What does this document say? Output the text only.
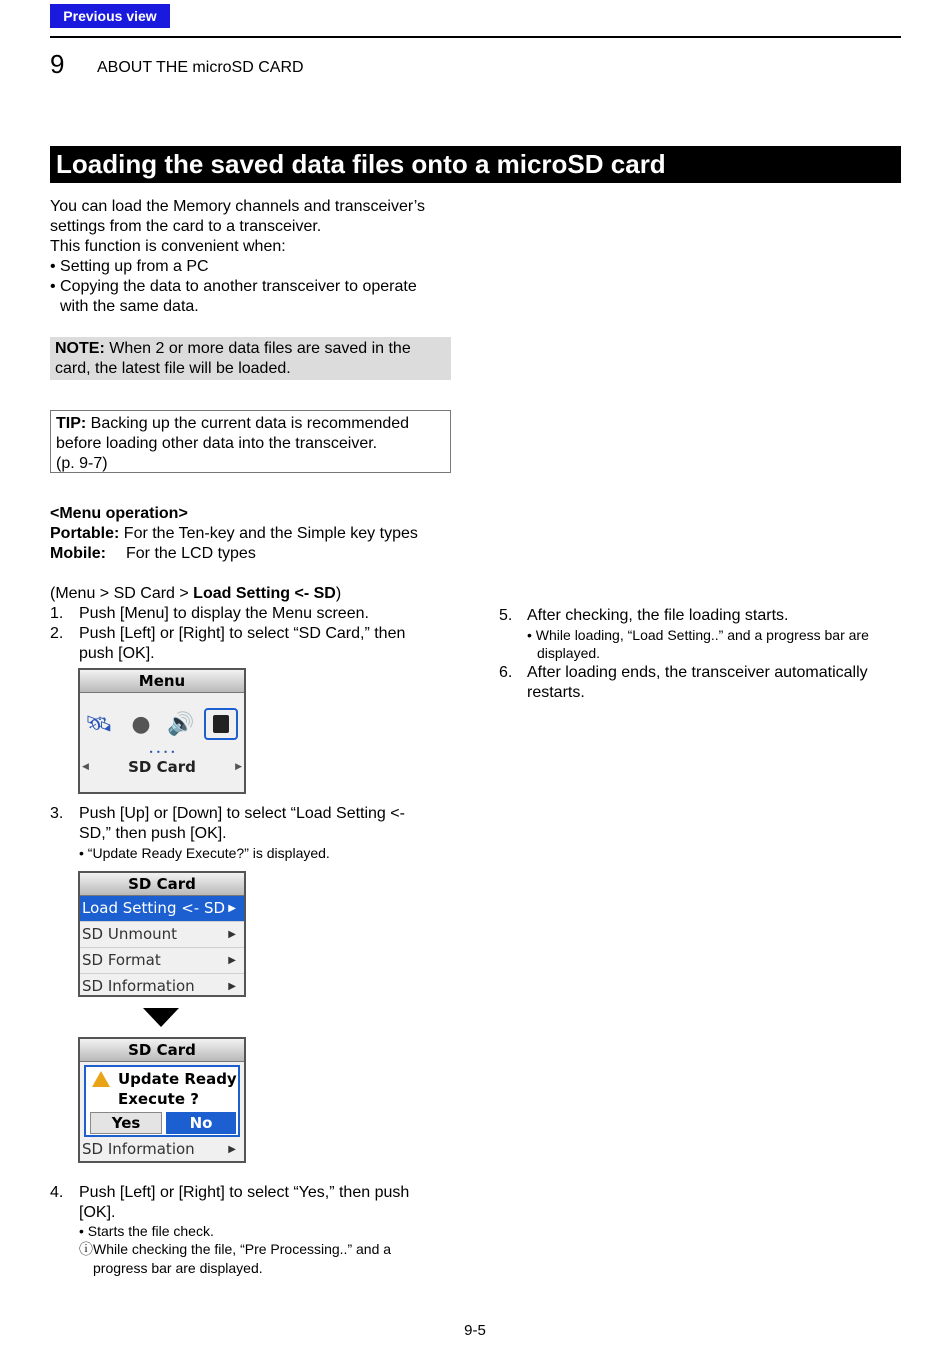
Previous view
9 ABOUT THE microSD CARD
Loading the saved data files onto a microSD card
You can load the Memory channels and transceiver’s
settings from the card to a transceiver.
This function is convenient when:
• Setting up from a PC
• Copying the data to another transceiver to operate
with the same data.
NOTE: When 2 or more data files are saved in the
card, the latest file will be loaded.
TIP: Backing up the current data is recommended
before loading other data into the transceiver.
(p. 9-7)
<Menu operation>
Portable: For the Ten-key and the Simple key types
Mobile: For the LCD types
(Menu > SD Card > Load Setting <- SD)
1. Push [Menu] to display the Menu screen.
2. Push [Left] or [Right] to select “SD Card,” then
push [OK].
Menu
🛰 ● 🔊
• • • •
◀	SD Card	▶
3. Push [Up] or [Down] to select “Load Setting <-
SD,” then push [OK].
• “Update Ready Execute?” is displayed.
SD Card
Load Setting <- SD ▶
SD Unmount	▶
SD Format	▶
SD Information	▶
SD Card
Update Ready
Execute ?
Yes	No
SD Information	▶
4. Push [Left] or [Right] to select “Yes,” then push
[OK].
• Starts the file check.
ⓘ While checking the file, “Pre Processing..” and a
progress bar are displayed.
5. After checking, the file loading starts.
• While loading, “Load Setting..” and a progress bar are
displayed.
6. After loading ends, the transceiver automatically
restarts.
9-5
